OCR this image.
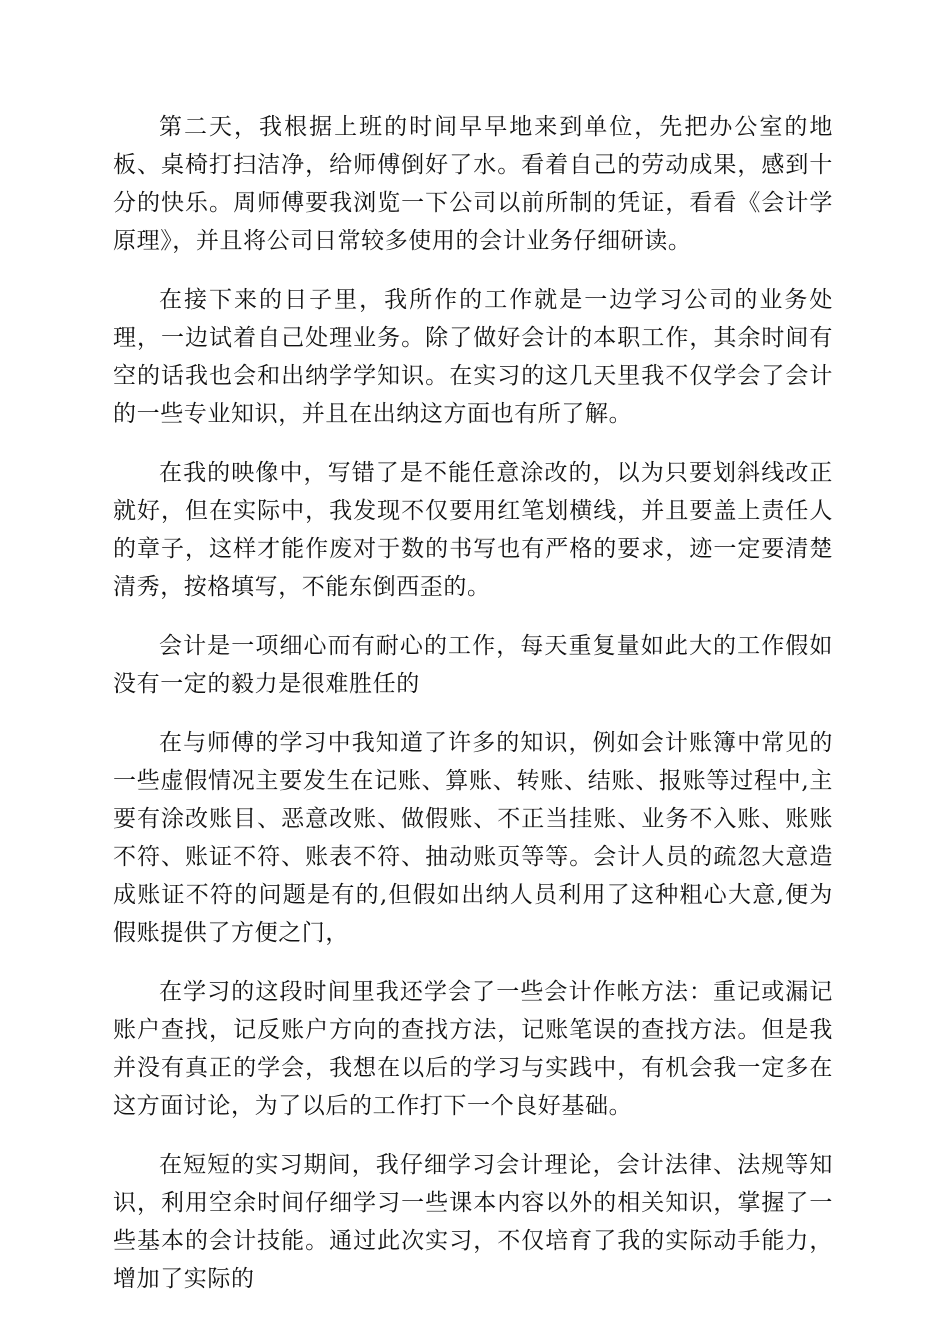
第二天，我根据上班的时间早早地来到单位，先把办公室的地板、桌椅打扫洁净，给师傅倒好了水。看着自己的劳动成果，感到十分的快乐。周师傅要我浏览一下公司以前所制的凭证，看看《会计学原理》，并且将公司日常较多使用的会计业务仔细研读。

在接下来的日子里，我所作的工作就是一边学习公司的业务处理，一边试着自己处理业务。除了做好会计的本职工作，其余时间有空的话我也会和出纳学学知识。在实习的这几天里我不仅学会了会计的一些专业知识，并且在出纳这方面也有所了解。

在我的映像中，写错了是不能任意涂改的，以为只要划斜线改正就好，但在实际中，我发现不仅要用红笔划横线，并且要盖上责任人的章子，这样才能作废对于数的书写也有严格的要求，迹一定要清楚清秀，按格填写，不能东倒西歪的。

会计是一项细心而有耐心的工作，每天重复量如此大的工作假如没有一定的毅力是很难胜任的

在与师傅的学习中我知道了许多的知识，例如会计账簿中常见的一些虚假情况主要发生在记账、算账、转账、结账、报账等过程中,主要有涂改账目、恶意改账、做假账、不正当挂账、业务不入账、账账不符、账证不符、账表不符、抽动账页等等。会计人员的疏忽大意造成账证不符的问题是有的,但假如出纳人员利用了这种粗心大意,便为假账提供了方便之门，

在学习的这段时间里我还学会了一些会计作帐方法：重记或漏记账户查找，记反账户方向的查找方法，记账笔误的查找方法。但是我并没有真正的学会，我想在以后的学习与实践中，有机会我一定多在这方面讨论，为了以后的工作打下一个良好基础。

在短短的实习期间，我仔细学习会计理论，会计法律、法规等知识，利用空余时间仔细学习一些课本内容以外的相关知识，掌握了一些基本的会计技能。通过此次实习，不仅培育了我的实际动手能力，增加了实际的
